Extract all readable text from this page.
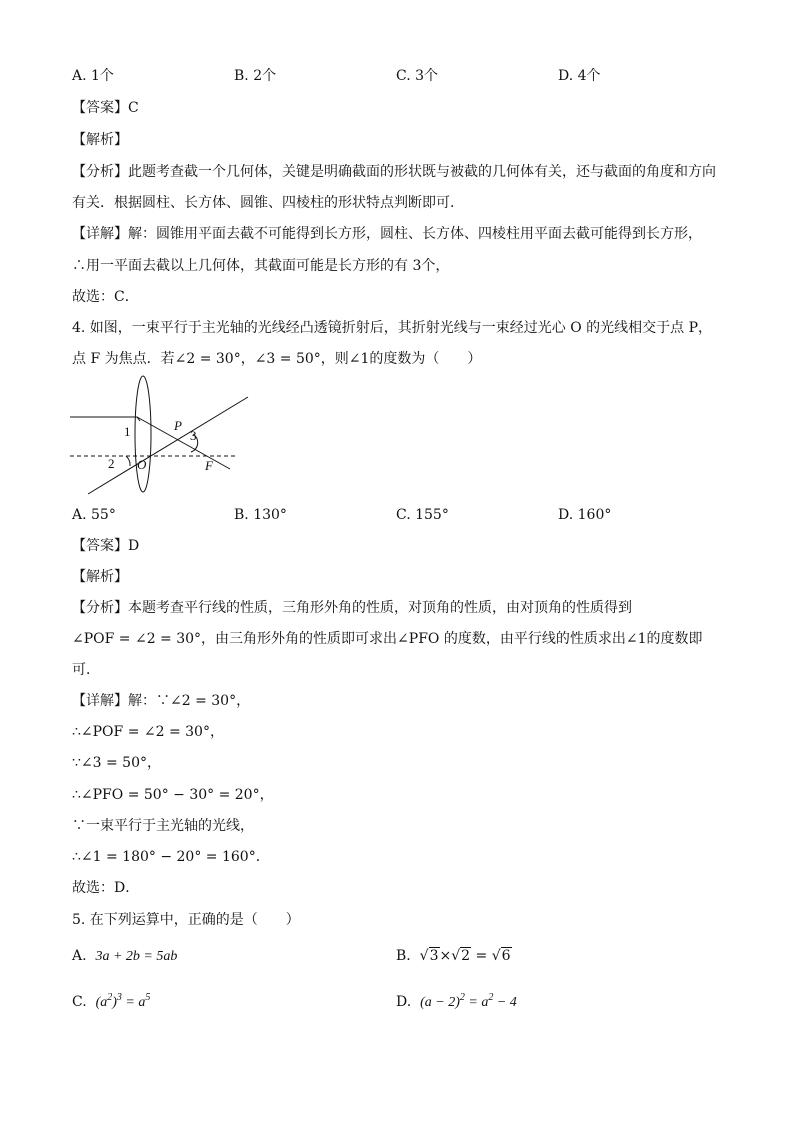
A. 1个	B. 2个	C. 3个	D. 4个
【答案】C
【解析】
【分析】此题考查截一个几何体，关键是明确截面的形状既与被截的几何体有关，还与截面的角度和方向
有关．根据圆柱、长方体、圆锥、四棱柱的形状特点判断即可．
【详解】解：圆锥用平面去截不可能得到长方形，圆柱、长方体、四棱柱用平面去截可能得到长方形，
∴用一平面去截以上几何体，其截面可能是长方形的有 3个，
故选：C．
4. 如图，一束平行于主光轴的光线经凸透镜折射后，其折射光线与一束经过光心 O 的光线相交于点 P，
点 F 为焦点．若∠2 = 30°，∠3 = 50°，则∠1的度数为（　　）
1
2
3
P
O	F
A. 55°	B. 130°	C. 155°	D. 160°
【答案】D
【解析】
【分析】本题考查平行线的性质，三角形外角的性质，对顶角的性质，由对顶角的性质得到
∠POF = ∠2 = 30°，由三角形外角的性质即可求出∠PFO 的度数，由平行线的性质求出∠1的度数即
可．
【详解】解：∵∠2 = 30°，
∴∠POF = ∠2 = 30°，
∵∠3 = 50°，
∴∠PFO = 50° − 30° = 20°，
∵一束平行于主光轴的光线，
∴∠1 = 180° − 20° = 160°．
故选：D．
5. 在下列运算中，正确的是（　　）
A. 3a + 2b = 5ab	B. √3×√2 = √6
C. $(a^2)^3 = a^5$	D. $(a - 2)^2 = a^2 - 4$
